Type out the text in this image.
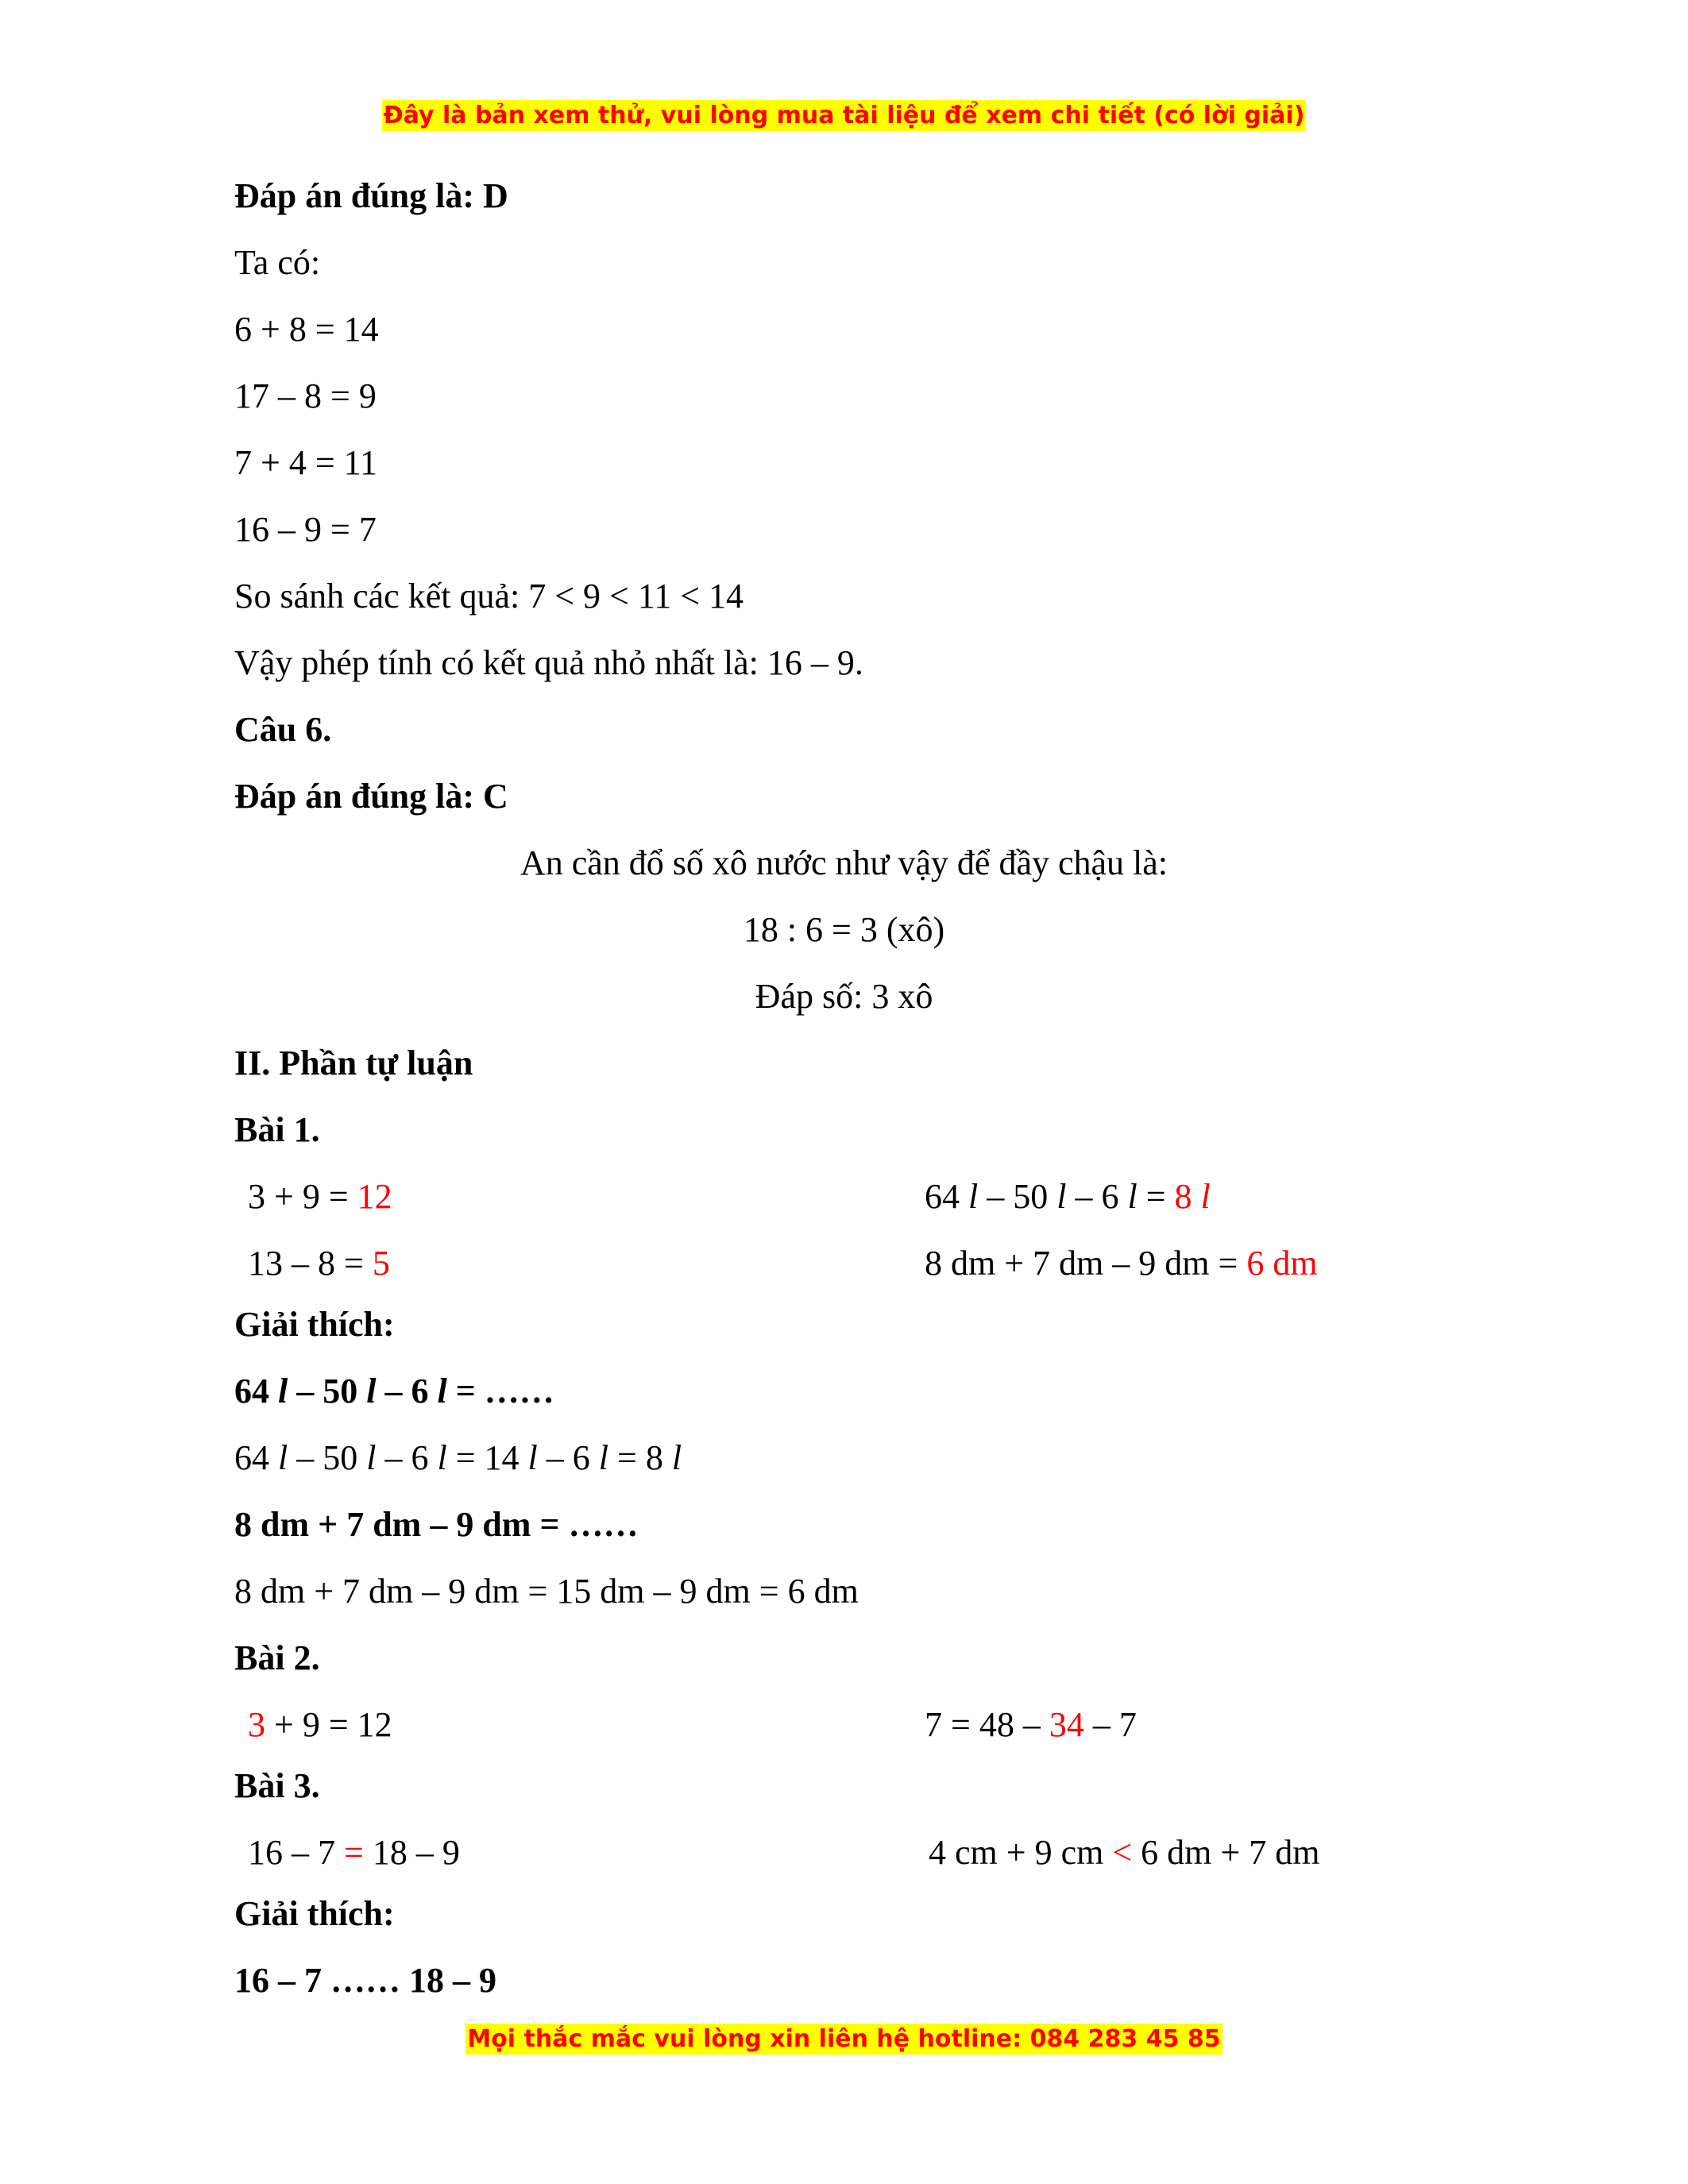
Đây là bản xem thử, vui lòng mua tài liệu để xem chi tiết (có lời giải)
Đáp án đúng là: D
Ta có:
6 + 8 = 14
17 – 8 = 9
7 + 4 = 11
16 – 9 = 7
So sánh các kết quả: 7 < 9 < 11 < 14
Vậy phép tính có kết quả nhỏ nhất là: 16 – 9.
Câu 6.
Đáp án đúng là: C
An cần đổ số xô nước như vậy để đầy chậu là:
18 : 6 = 3 (xô)
Đáp số: 3 xô
II. Phần tự luận
Bài 1.
3 + 9 = 12	64 l – 50 l – 6 l = 8 l
13 – 8 = 5	8 dm + 7 dm – 9 dm = 6 dm
Giải thích:
64 l – 50 l – 6 l = ……
64 l – 50 l – 6 l = 14 l – 6 l = 8 l
8 dm + 7 dm – 9 dm = ……
8 dm + 7 dm – 9 dm = 15 dm – 9 dm = 6 dm
Bài 2.
3 + 9 = 12	7 = 48 – 34 – 7
Bài 3.
16 – 7 = 18 – 9	4 cm + 9 cm < 6 dm + 7 dm
Giải thích:
16 – 7 …… 18 – 9
Mọi thắc mắc vui lòng xin liên hệ hotline: 084 283 45 85
